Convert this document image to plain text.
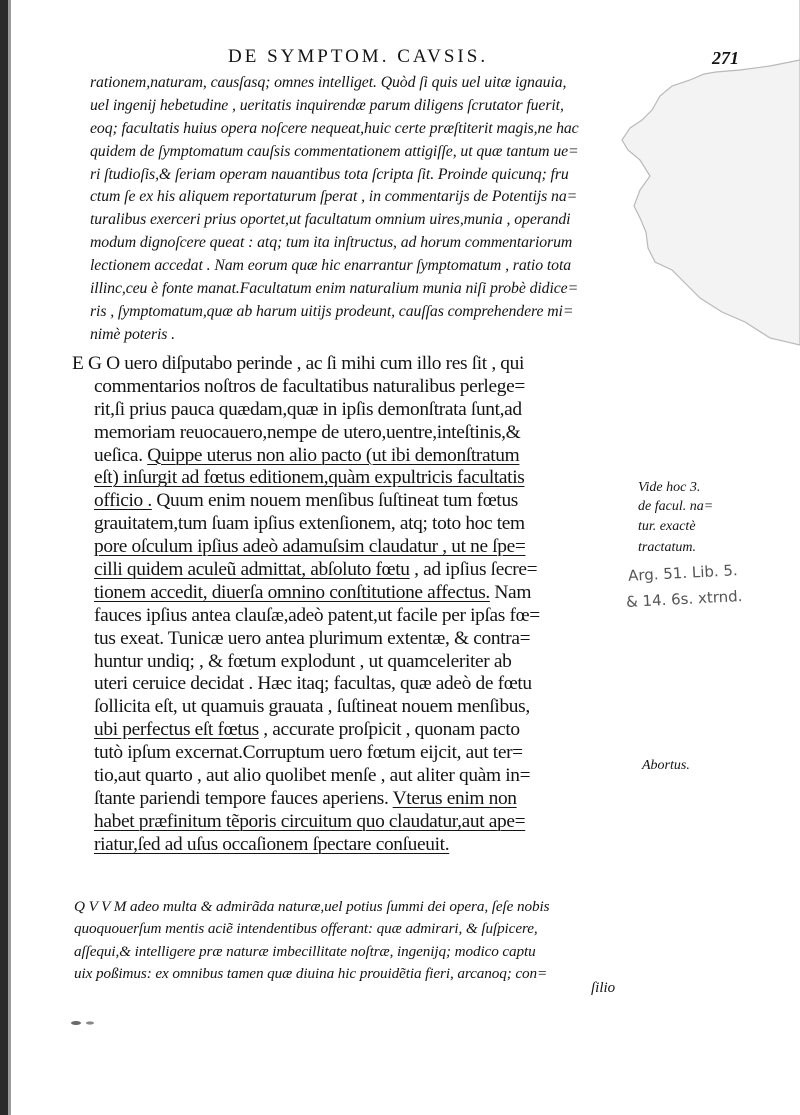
DE SYMPTOM. CAVSIS.	271

rationem,naturam, causſasq; omnes intelliget. Quòd ſi quis uel uitæ ignauia,

uel ingenij hebetudine , ueritatis inquirendæ parum diligens ſcrutator fuerit,

eoq; facultatis huius opera noſcere nequeat,huic certe præſtiterit magis,ne hac

quidem de ſymptomatum cauſsis commentationem attigiſſe, ut quæ tantum ue=

ri ſtudioſis,& ſeriam operam nauantibus tota ſcripta ſit. Proinde quicunq; fru

ctum ſe ex his aliquem reportaturum ſperat , in commentarijs de Potentijs na=

turalibus exerceri prius oportet,ut facultatum omnium uires,munia , operandi

modum dignoſcere queat : atq; tum ita inſtructus, ad horum commentariorum

lectionem accedat . Nam eorum quæ hic enarrantur ſymptomatum , ratio tota

illinc,ceu è fonte manat.Facultatum enim naturalium munia niſi probè didice=

ris , ſymptomatum,quæ ab harum uitijs prodeunt, cauſſas comprehendere mi=

nimè poteris .

E G O uero diſputabo perinde , ac ſi mihi cum illo res ſit , qui

commentarios noſtros de facultatibus naturalibus perlege=

rit,ſi prius pauca quædam,quæ in ipſis demonſtrata ſunt,ad

memoriam reuocauero,nempe de utero,uentre,inteſtinis,&

ueſica. Quippe uterus non alio pacto (ut ibi demonſtratum

eſt) inſurgit ad fœtus editionem,quàm expultricis facultatis

officio . Quum enim nouem menſibus ſuſtineat tum fœtus

grauitatem,tum ſuam ipſius extenſionem, atq; toto hoc tem

pore oſculum ipſius adeò adamuſsim claudatur , ut ne ſpe=

cilli quidem aculeũ admittat, abſoluto fœtu , ad ipſius ſecre=

tionem accedit, diuerſa omnino conſtitutione affectus. Nam

fauces ipſius antea clauſæ,adeò patent,ut facile per ipſas fœ=

tus exeat. Tunicæ uero antea plurimum extentæ, & contra=

huntur undiq; , & fœtum explodunt , ut quamceleriter ab

uteri ceruice decidat . Hæc itaq; facultas, quæ adeò de fœtu

ſollicita eſt, ut quamuis grauata , ſuſtineat nouem menſibus,

ubi perfectus eſt fœtus , accurate proſpicit , quonam pacto

tutò ipſum excernat.Corruptum uero fœtum eijcit, aut ter=

tio,aut quarto , aut alio quolibet menſe , aut aliter quàm in=

ſtante pariendi tempore fauces aperiens. Vterus enim non

habet præfinitum tẽporis circuitum quo claudatur,aut ape=

riatur,ſed ad uſus occaſionem ſpectare conſueuit.

Vide hoc 3.
de facul. na=
tur. exactè
tractatum.
Arg. 51. Lib. 5.
& 14. 6s. xtrnd.
Abortus.

Q V V M adeo multa & admirãda naturæ,uel potius ſummi dei opera, ſeſe nobis

quoquouerſum mentis aciẽ intendentibus offerant: quæ admirari, & ſuſpicere,

aſſequi,& intelligere præ naturæ imbecillitate noſtræ, ingenijq; modico captu

uix poßimus: ex omnibus tamen quæ diuina hic prouidẽtia fieri, arcanoq; con=

ſilio
